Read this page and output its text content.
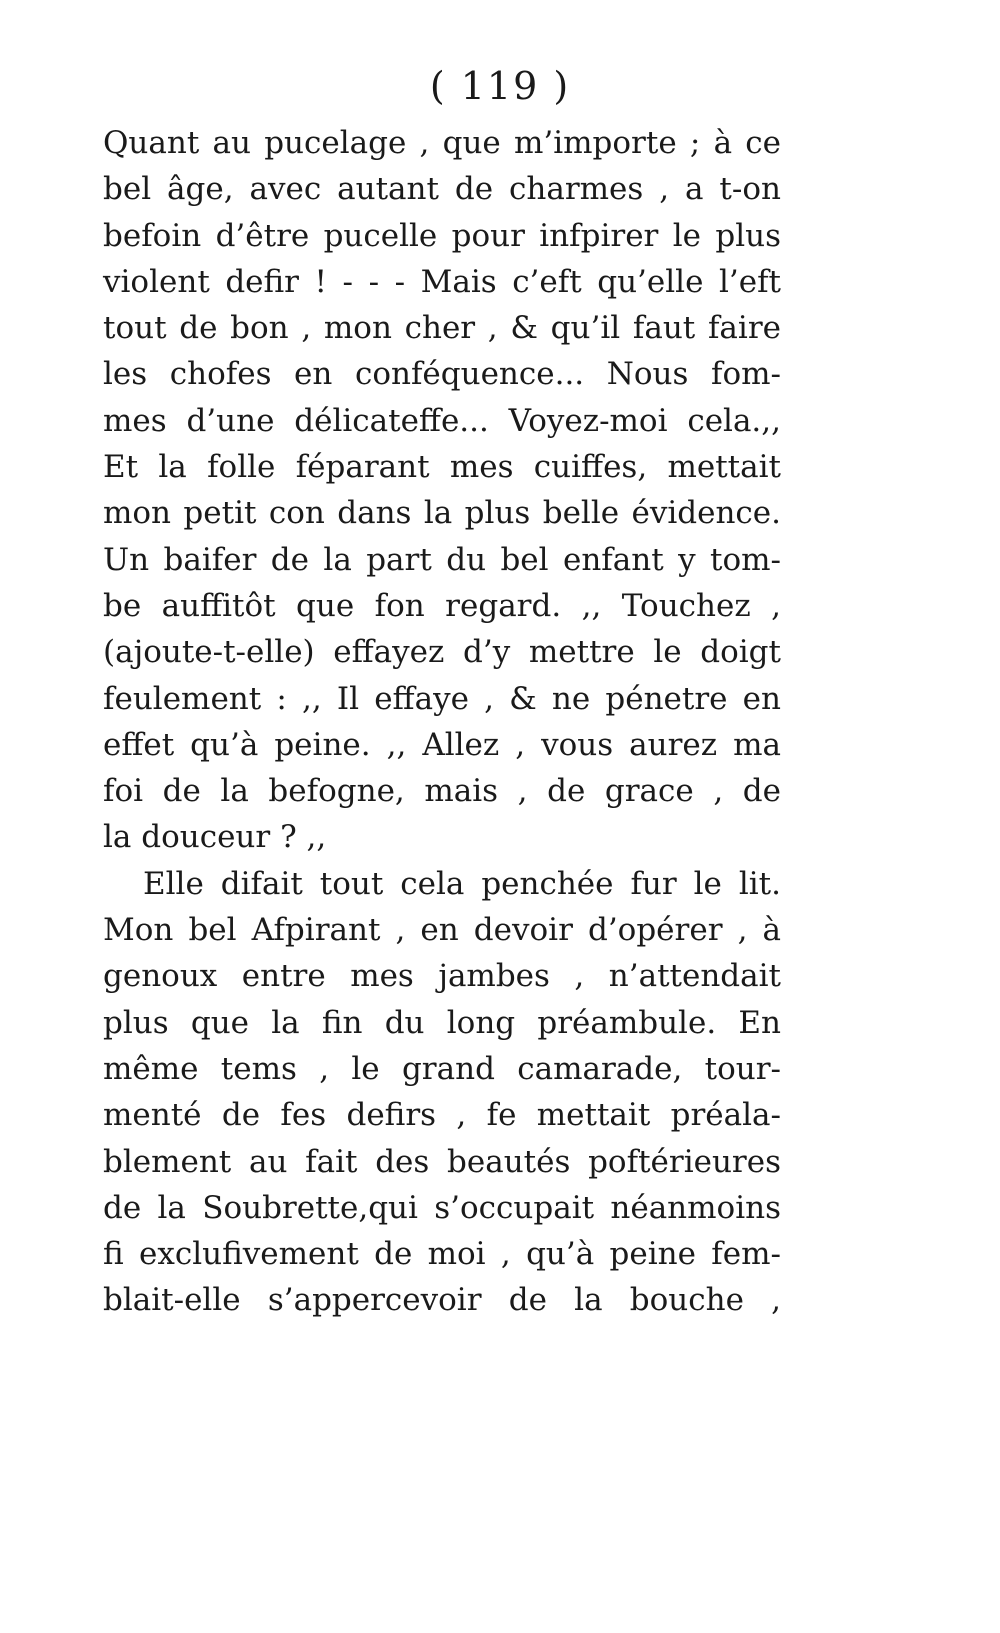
( 119 )
Quant au pucelage , que m’importe ; à ce
bel âge, avec autant de charmes , a t-on
befoin d’être pucelle pour infpirer le plus
violent defir ! - - - Mais c’eft qu’elle l’eft
tout de bon , mon cher , & qu’il faut faire
les chofes en conféquence... Nous fom-
mes d’une délicateffe... Voyez-moi cela.,,
Et la folle féparant mes cuiffes, mettait
mon petit con dans la plus belle évidence.
Un baifer de la part du bel enfant y tom-
be auffitôt que fon regard. ,, Touchez ,
(ajoute-t-elle) effayez d’y mettre le doigt
feulement : ,, Il effaye , & ne pénetre en
effet qu’à peine. ,, Allez , vous aurez ma
foi de la befogne, mais , de grace , de
la douceur ? ,,
Elle difait tout cela penchée fur le lit.
Mon bel Afpirant , en devoir d’opérer , à
genoux entre mes jambes , n’attendait
plus que la fin du long préambule. En
même tems , le grand camarade, tour-
menté de fes defirs , fe mettait préala-
blement au fait des beautés poftérieures
de la Soubrette,qui s’occupait néanmoins
fi exclufivement de moi , qu’à peine fem-
blait-elle s’appercevoir de la bouche ,
